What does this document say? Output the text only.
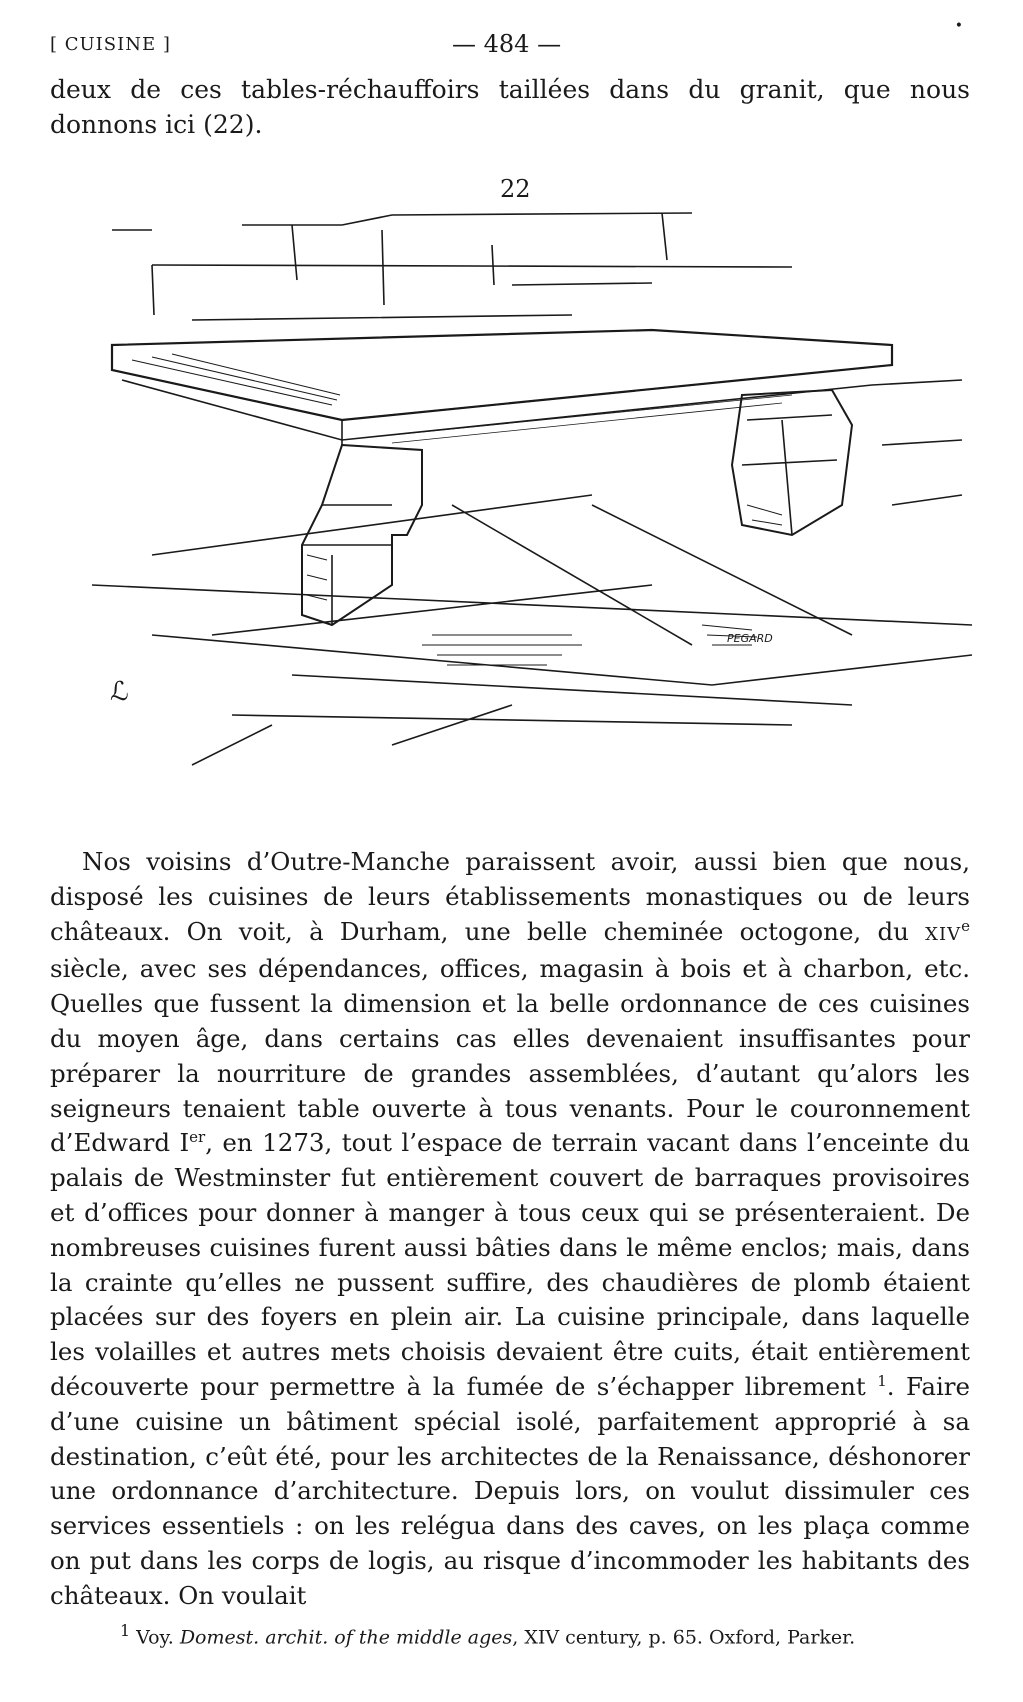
[ CUISINE ]	— 484 —
•
deux de ces tables-réchauffoirs taillées dans du granit, que nous donnons ici (22).
22
PEGARD
ℒ
Nos voisins d’Outre-Manche paraissent avoir, aussi bien que nous, disposé les cuisines de leurs établissements monastiques ou de leurs châteaux. On voit, à Durham, une belle cheminée octogone, du XIVe siècle, avec ses dépendances, offices, magasin à bois et à charbon, etc. Quelles que fussent la dimension et la belle ordonnance de ces cuisines du moyen âge, dans certains cas elles devenaient insuffisantes pour préparer la nourriture de grandes assemblées, d’autant qu’alors les seigneurs tenaient table ouverte à tous venants. Pour le couronnement d’Edward Ier, en 1273, tout l’espace de terrain vacant dans l’enceinte du palais de Westminster fut entièrement couvert de barraques provisoires et d’offices pour donner à manger à tous ceux qui se présenteraient. De nombreuses cuisines furent aussi bâties dans le même enclos; mais, dans la crainte qu’elles ne pussent suffire, des chaudières de plomb étaient placées sur des foyers en plein air. La cuisine principale, dans laquelle les volailles et autres mets choisis devaient être cuits, était entièrement découverte pour permettre à la fumée de s’échapper librement $^1$. Faire d’une cuisine un bâtiment spécial isolé, parfaitement approprié à sa destination, c’eût été, pour les architectes de la Renaissance, déshonorer une ordonnance d’architecture. Depuis lors, on voulut dissimuler ces services essentiels : on les relégua dans des caves, on les plaça comme on put dans les corps de logis, au risque d’incommoder les habitants des châteaux. On voulait
$^1$ Voy. Domest. archit. of the middle ages, XIV century, p. 65. Oxford, Parker.
